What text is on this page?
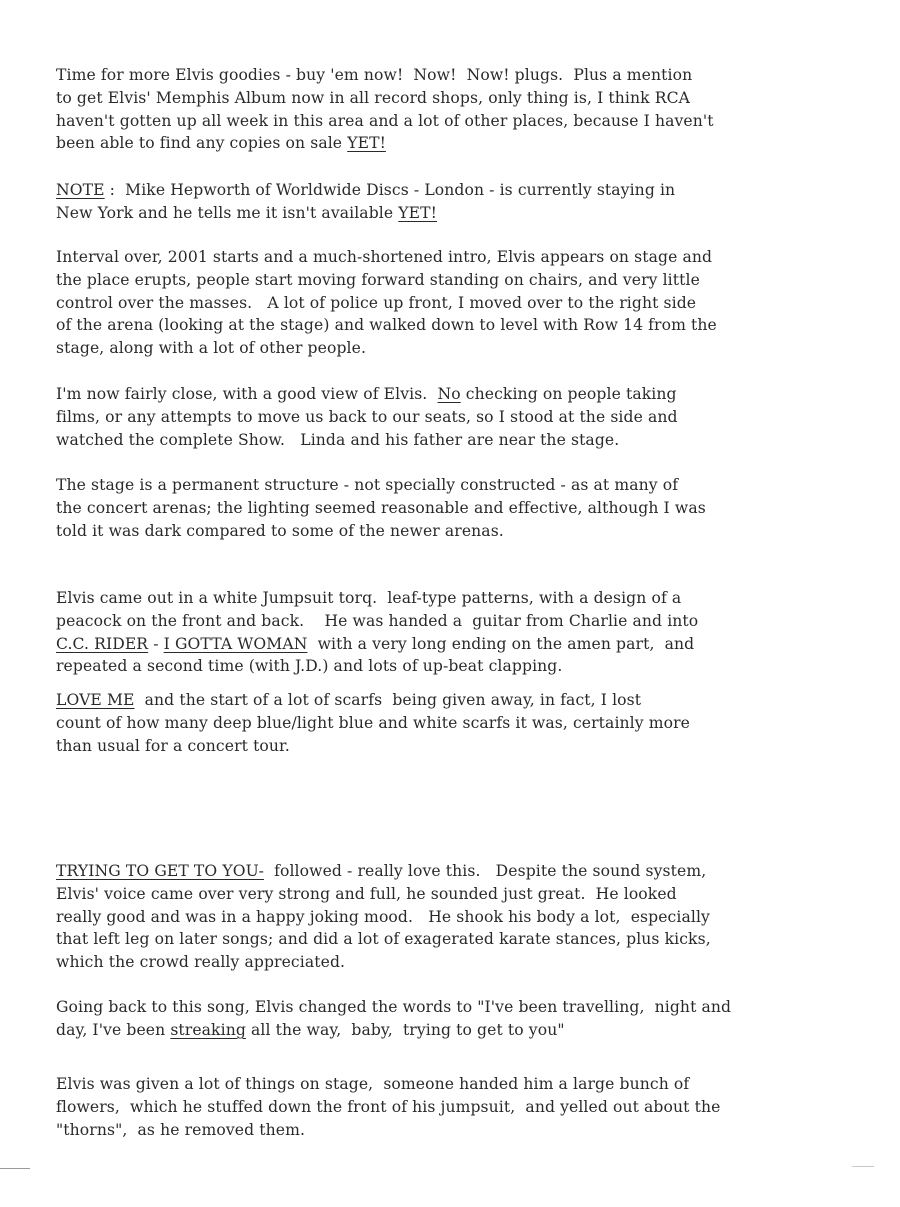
Time for more Elvis goodies - buy 'em now!  Now!  Now! plugs.  Plus a mention
to get Elvis' Memphis Album now in all record shops, only thing is, I think RCA
haven't gotten up all week in this area and a lot of other places, because I haven't
been able to find any copies on sale YET!
NOTE :  Mike Hepworth of Worldwide Discs - London - is currently staying in
New York and he tells me it isn't available YET!
Interval over, 2001 starts and a much-shortened intro, Elvis appears on stage and
the place erupts, people start moving forward standing on chairs, and very little
control over the masses.   A lot of police up front, I moved over to the right side
of the arena (looking at the stage) and walked down to level with Row 14 from the
stage, along with a lot of other people.
I'm now fairly close, with a good view of Elvis.  No checking on people taking
films, or any attempts to move us back to our seats, so I stood at the side and
watched the complete Show.   Linda and his father are near the stage.
The stage is a permanent structure - not specially constructed - as at many of
the concert arenas; the lighting seemed reasonable and effective, although I was
told it was dark compared to some of the newer arenas.
Elvis came out in a white Jumpsuit torq.  leaf-type patterns, with a design of a
peacock on the front and back.    He was handed a  guitar from Charlie and into
C.C. RIDER - I GOTTA WOMAN  with a very long ending on the amen part,  and
repeated a second time (with J.D.) and lots of up-beat clapping.
LOVE ME  and the start of a lot of scarfs  being given away, in fact, I lost
count of how many deep blue/light blue and white scarfs it was, certainly more
than usual for a concert tour.
TRYING TO GET TO YOU-  followed - really love this.   Despite the sound system,
Elvis' voice came over very strong and full, he sounded just great.  He looked
really good and was in a happy joking mood.   He shook his body a lot,  especially
that left leg on later songs; and did a lot of exagerated karate stances, plus kicks,
which the crowd really appreciated.
Going back to this song, Elvis changed the words to "I've been travelling,  night and
day, I've been streaking all the way,  baby,  trying to get to you"
Elvis was given a lot of things on stage,  someone handed him a large bunch of
flowers,  which he stuffed down the front of his jumpsuit,  and yelled out about the
"thorns",  as he removed them.
